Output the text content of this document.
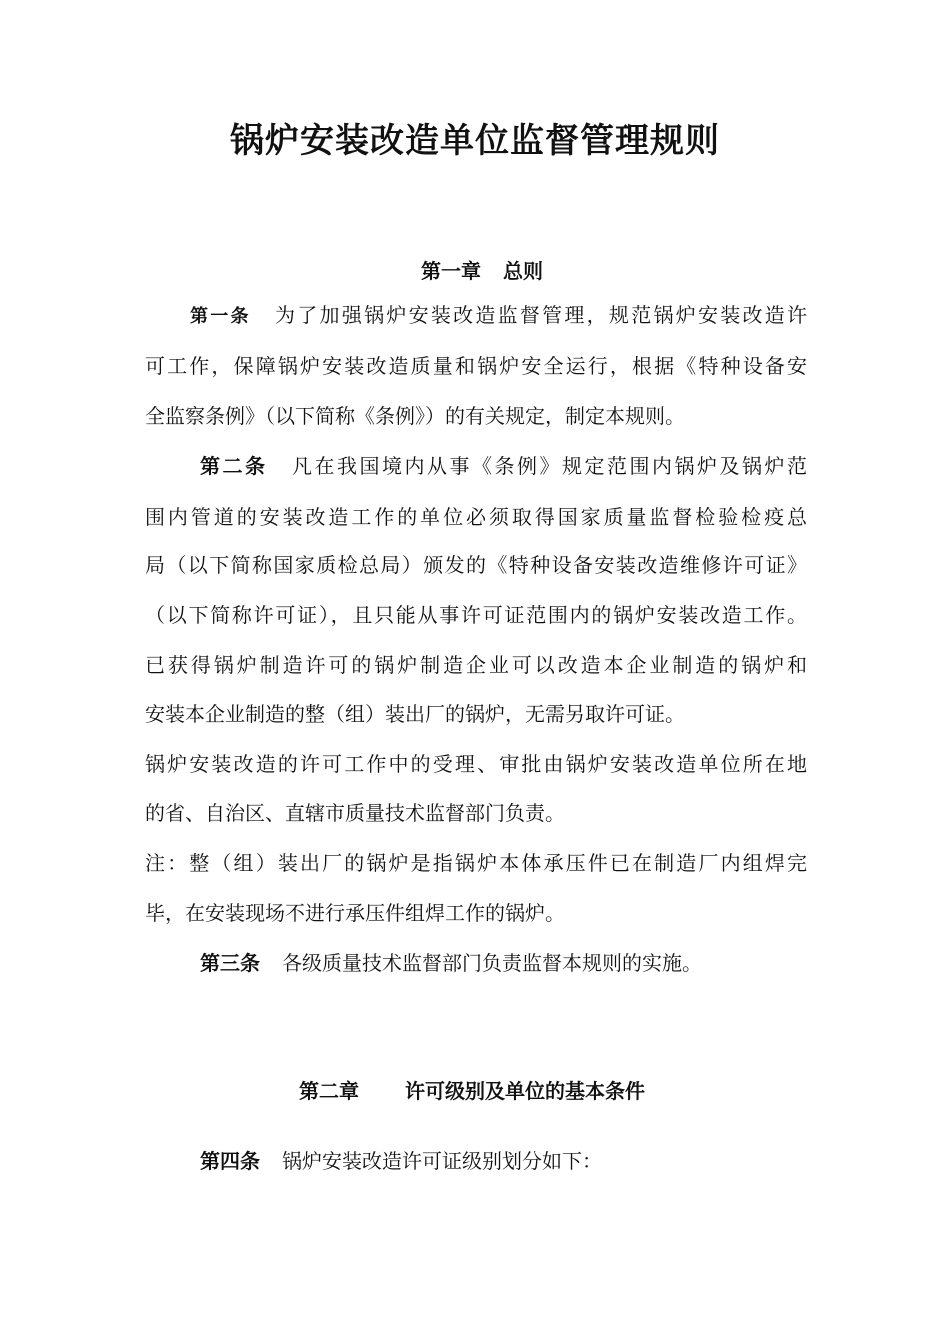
锅炉安装改造单位监督管理规则

第一章 总则

第一条 为了加强锅炉安装改造监督管理，规范锅炉安装改造许

可工作，保障锅炉安装改造质量和锅炉安全运行，根据《特种设备安

全监察条例》（以下简称《条例》）的有关规定，制定本规则。

第二条 凡在我国境内从事《条例》规定范围内锅炉及锅炉范

围内管道的安装改造工作的单位必须取得国家质量监督检验检疫总

局（以下简称国家质检总局）颁发的《特种设备安装改造维修许可证》

（以下简称许可证），且只能从事许可证范围内的锅炉安装改造工作。

已获得锅炉制造许可的锅炉制造企业可以改造本企业制造的锅炉和

安装本企业制造的整（组）装出厂的锅炉，无需另取许可证。

锅炉安装改造的许可工作中的受理、审批由锅炉安装改造单位所在地

的省、自治区、直辖市质量技术监督部门负责。

注：整（组）装出厂的锅炉是指锅炉本体承压件已在制造厂内组焊完

毕，在安装现场不进行承压件组焊工作的锅炉。

第三条 各级质量技术监督部门负责监督本规则的实施。

第二章 许可级别及单位的基本条件

第四条 锅炉安装改造许可证级别划分如下：
